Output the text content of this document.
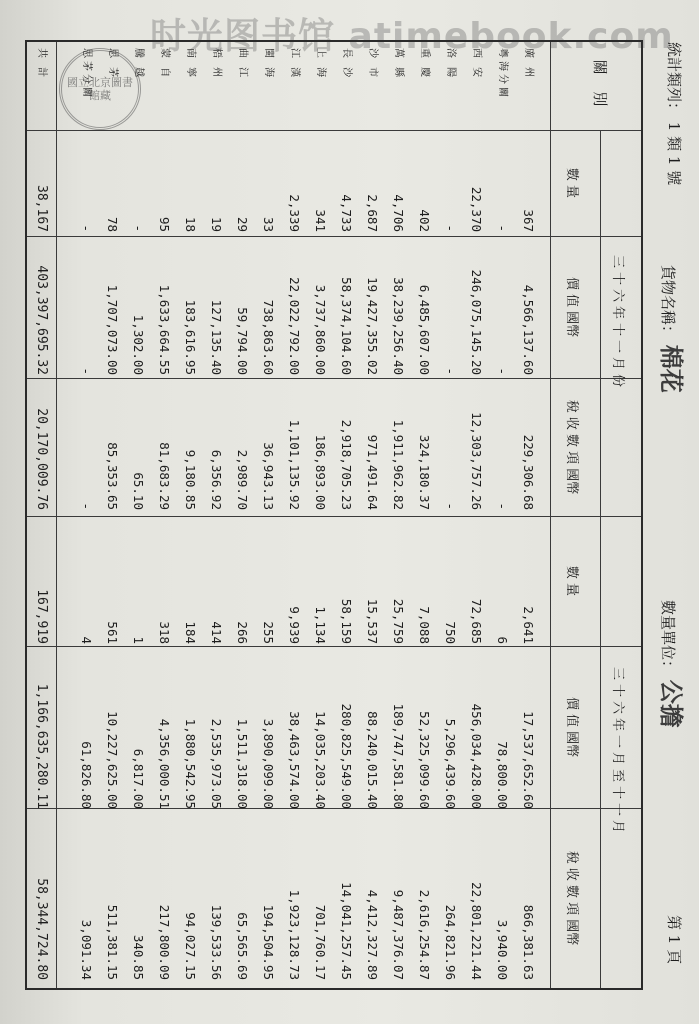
时光图书馆 atimebook.com
統計類列： 1 類 1 號
貨物名稱： 棉花
數量單位： 公擔
第 1 頁
國立北京圖書館藏	關 別
三十六年十一月份
三十六年一月至十一月
數 量
價 值 國幣
稅 收 數 項 國幣
數 量
價 值 國幣
稅 收 數 項 國幣
廣 州
367
4,566,137.60
229,306.68
2,641
17,537,652.60
866,381.63
粵海分關
-
-
-
6
78,800.00
3,940.00
西 安
22,370
246,075,145.20
12,303,757.26
72,685
456,034,428.00
22,801,221.44
洛 陽
-
-
-
750
5,296,439.60
264,821.96
重 慶
402
6,485,607.00
324,180.37
7,088
52,325,099.60
2,616,254.87
萬 縣
4,706
38,239,256.40
1,911,962.82
25,759
189,747,581.80
9,487,376.07
沙 市
2,687
19,427,355.02
971,491.64
15,537
88,240,015.40
4,412,327.89
長 沙
4,733
58,374,104.60
2,918,705.23
58,159
280,825,549.00
14,041,257.45
上 海
341
3,737,860.00
186,893.00
1,134
14,035,203.40
701,760.17
江 漢
2,339
22,022,792.00
1,101,135.92
9,939
38,463,574.00
1,923,128.73
閩 海
33
738,863.60
36,943.13
255
3,890,099.00
194,504.95
曲 江
29
59,794.00
2,989.70
266
1,511,318.00
65,565.69
梧 州
19
127,135.40
6,356.92
414
2,535,973.05
139,533.56
南 寧
18
183,616.95
9,180.85
184
1,880,542.95
94,027.15
蒙 自
95
1,633,664.55
81,683.29
318
4,356,000.51
217,800.09
騰 越
-
1,302.00
65.10
1
6,817.00
340.85
思 茅
78
1,707,073.00
85,353.65
561
10,227,625.00
511,381.15
思茅分關
-
-
-
4
61,826.80
3,091.34
共 計
38,167
403,397,695.32
20,170,009.76
167,919
1,166,635,280.11
58,344,724.80
